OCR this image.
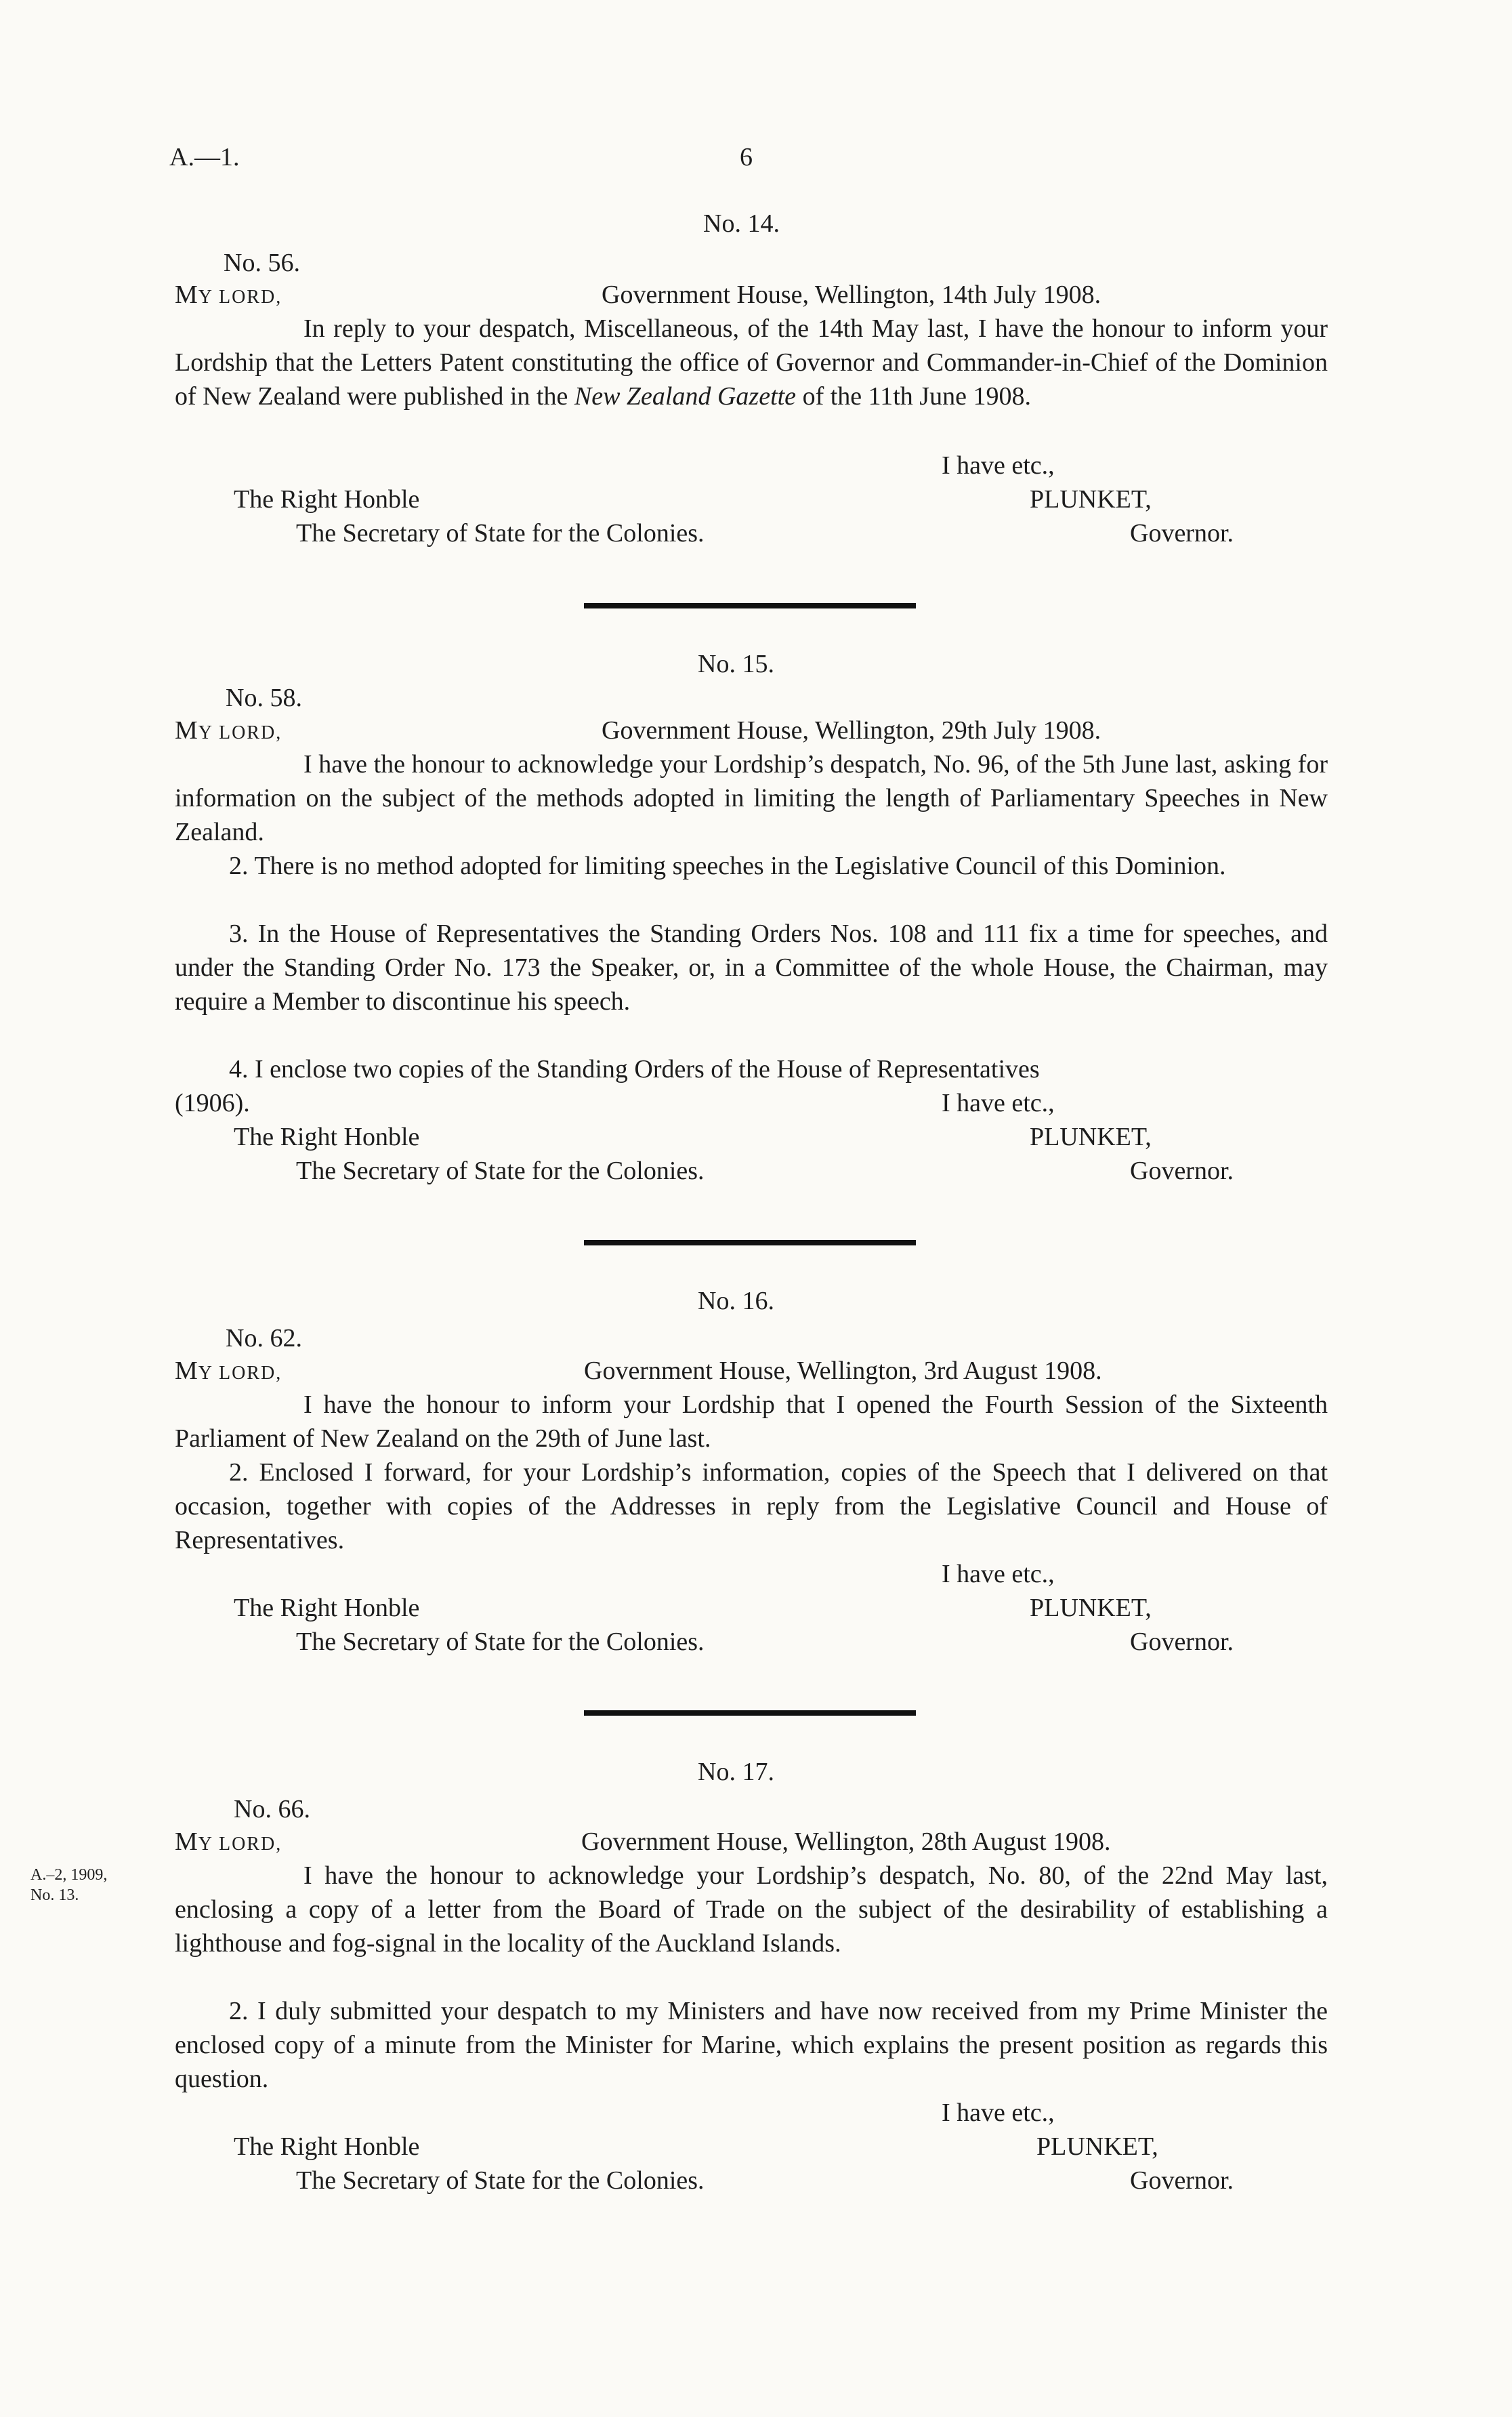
A.—1.	6
No. 14.
No. 56.
MY LORD,	Government House, Wellington, 14th July 1908.
In reply to your despatch, Miscellaneous, of the 14th May last, I have the honour to inform your Lordship that the Letters Patent constituting the office of Governor and Commander-in-Chief of the Dominion of New Zealand were published in the New Zealand Gazette of the 11th June 1908.
I have etc.,
The Right Honble	PLUNKET,
The Secretary of State for the Colonies.	Governor.
No. 15.
No. 58.
MY LORD,	Government House, Wellington, 29th July 1908.
I have the honour to acknowledge your Lordship’s despatch, No. 96, of the 5th June last, asking for information on the subject of the methods adopted in limiting the length of Parliamentary Speeches in New Zealand.
2. There is no method adopted for limiting speeches in the Legislative Council of this Dominion.
3. In the House of Representatives the Standing Orders Nos. 108 and 111 fix a time for speeches, and under the Standing Order No. 173 the Speaker, or, in a Committee of the whole House, the Chairman, may require a Member to discontinue his speech.
4. I enclose two copies of the Standing Orders of the House of Representatives
(1906).	I have etc.,
The Right Honble	PLUNKET,
The Secretary of State for the Colonies.	Governor.
No. 16.
No. 62.
MY LORD,	Government House, Wellington, 3rd August 1908.
I have the honour to inform your Lordship that I opened the Fourth Session of the Sixteenth Parliament of New Zealand on the 29th of June last.
2. Enclosed I forward, for your Lordship’s information, copies of the Speech that I delivered on that occasion, together with copies of the Addresses in reply from the Legislative Council and House of Representatives.
I have etc.,
The Right Honble	PLUNKET,
The Secretary of State for the Colonies.	Governor.
No. 17.
No. 66.
MY LORD,	Government House, Wellington, 28th August 1908.
A.–2, 1909,
No. 13.
I have the honour to acknowledge your Lordship’s despatch, No. 80, of the 22nd May last, enclosing a copy of a letter from the Board of Trade on the subject of the desirability of establishing a lighthouse and fog-signal in the locality of the Auckland Islands.
2. I duly submitted your despatch to my Ministers and have now received from my Prime Minister the enclosed copy of a minute from the Minister for Marine, which explains the present position as regards this question.
I have etc.,
The Right Honble	PLUNKET,
The Secretary of State for the Colonies.	Governor.
